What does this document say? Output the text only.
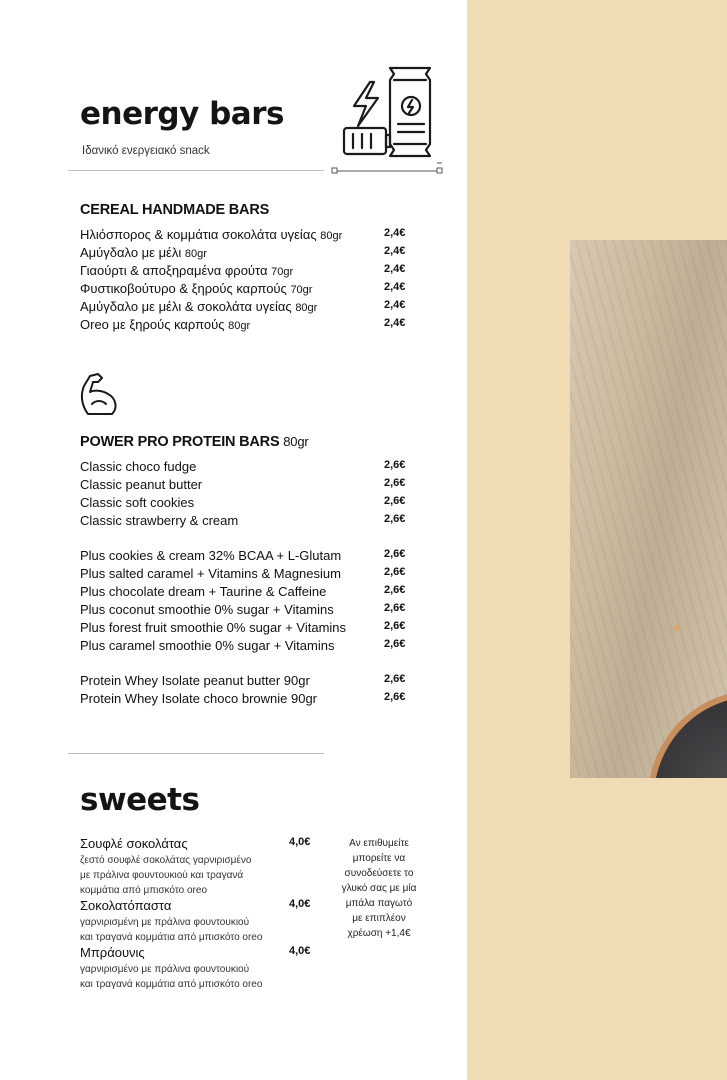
energy bars
Ιδανικό ενεργειακό snack
CEREAL HANDMADE BARS
Ηλιόσπορος & κομμάτια σοκολάτα υγείας 80gr	2,4€
Αμύγδαλο με μέλι 80gr	2,4€
Γιαούρτι & αποξηραμένα φρούτα 70gr	2,4€
Φυστικοβούτυρο & ξηρούς καρπούς 70gr	2,4€
Αμύγδαλο με μέλι & σοκολάτα υγείας 80gr	2,4€
Oreo με ξηρούς καρπούς 80gr	2,4€
POWER PRO PROTEIN BARS 80gr
Classic choco fudge	2,6€
Classic peanut butter	2,6€
Classic soft cookies	2,6€
Classic strawberry & cream	2,6€
Plus cookies & cream 32% BCAA + L-Glutam	2,6€
Plus salted caramel + Vitamins & Magnesium	2,6€
Plus chocolate dream + Taurine & Caffeine	2,6€
Plus coconut smoothie 0% sugar + Vitamins	2,6€
Plus forest fruit smoothie 0% sugar + Vitamins	2,6€
Plus caramel smoothie 0% sugar + Vitamins	2,6€
Protein Whey Isolate peanut butter 90gr	2,6€
Protein Whey Isolate choco brownie 90gr	2,6€
sweets
Σουφλέ σοκολάτας	4,0€
ζεστό σουφλέ σοκολάτας γαρνιρισμένο
με πράλινα φουντουκιού και τραγανά
κομμάτια από μπισκότο oreo
Σοκολατόπαστα	4,0€
γαρνιρισμένη με πράλινα φουντουκιού
και τραγανά κομμάτια από μπισκότο oreo
Μπράουνις	4,0€
γαρνιρισμένο με πράλινα φουντουκιού
και τραγανά κομμάτια από μπισκότο oreo
Αν επιθυμείτε
μπορείτε να
συνοδεύσετε το
γλυκό σας με μία
μπάλα παγωτό
με επιπλέον
χρέωση +1,4€
